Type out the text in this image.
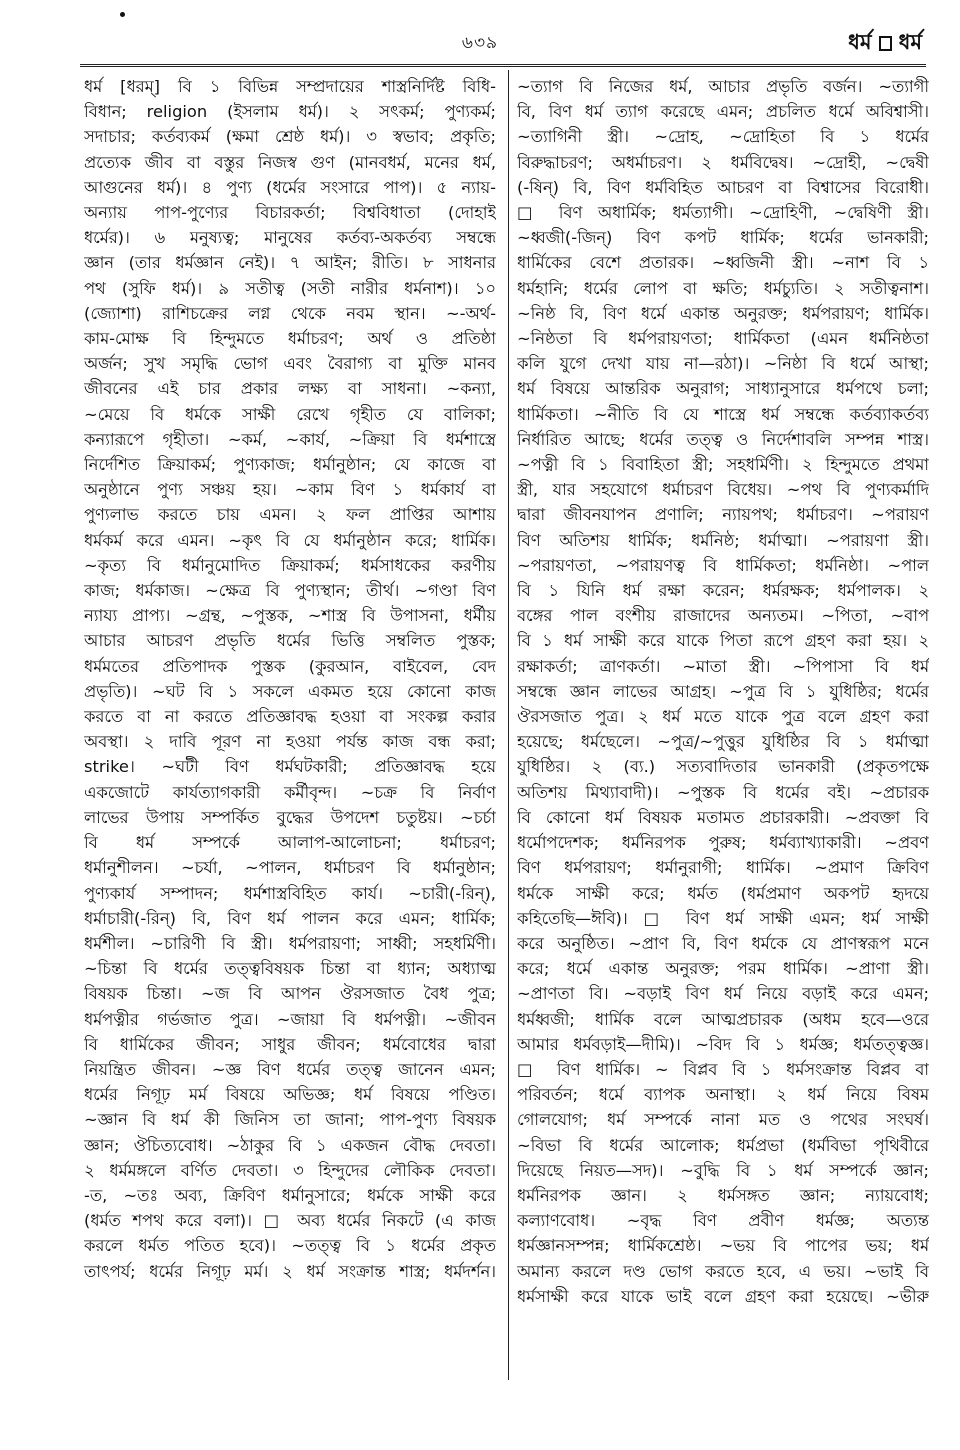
৬৩৯	ধর্ম ধর্ম
ধর্ম [ধরম্‌] বি ১ বিভিন্ন সম্প্রদায়ের শাস্ত্রনির্দিষ্ট বিধি-
বিধান; religion (ইসলাম ধর্ম)। ২ সৎকর্ম; পুণ্যকর্ম;
সদাচার; কর্তব্যকর্ম (ক্ষমা শ্রেষ্ঠ ধর্ম)। ৩ স্বভাব; প্রকৃতি;
প্রত্যেক জীব বা বস্তুর নিজস্ব গুণ (মানবধর্ম, মনের ধর্ম,
আগুনের ধর্ম)। ৪ পুণ্য (ধর্মের সংসারে পাপ)। ৫ ন্যায়-
অন্যায় পাপ-পুণ্যের বিচারকর্তা; বিশ্ববিধাতা (দোহাই
ধর্মের)। ৬ মনুষ্যত্ব; মানুষের কর্তব্য-অকর্তব্য সম্বন্ধে
জ্ঞান (তার ধর্মজ্ঞান নেই)। ৭ আইন; রীতি। ৮ সাধনার
পথ (সুফি ধর্ম)। ৯ সতীত্ব (সতী নারীর ধর্মনাশ)। ১০
(জ্যোশা) রাশিচক্রের লগ্ন থেকে নবম স্থান। ~-অর্থ-
কাম-মোক্ষ বি হিন্দুমতে ধর্মাচরণ; অর্থ ও প্রতিষ্ঠা
অর্জন; সুখ সমৃদ্ধি ভোগ এবং বৈরাগ্য বা মুক্তি মানব
জীবনের এই চার প্রকার লক্ষ্য বা সাধনা। ~কন্যা,
~মেয়ে বি ধর্মকে সাক্ষী রেখে গৃহীত যে বালিকা;
কন্যারূপে গৃহীতা। ~কর্ম, ~কার্য, ~ক্রিয়া বি ধর্মশাস্ত্রে
নির্দেশিত ক্রিয়াকর্ম; পুণ্যকাজ; ধর্মানুষ্ঠান; যে কাজে বা
অনুষ্ঠানে পুণ্য সঞ্চয় হয়। ~কাম বিণ ১ ধর্মকার্য বা
পুণ্যলাভ করতে চায় এমন। ২ ফল প্রাপ্তির আশায়
ধর্মকর্ম করে এমন। ~কৃৎ বি যে ধর্মানুষ্ঠান করে; ধার্মিক।
~কৃত্য বি ধর্মানুমোদিত ক্রিয়াকর্ম; ধর্মসাধকের করণীয়
কাজ; ধর্মকাজ। ~ক্ষেত্র বি পুণ্যস্থান; তীর্থ। ~গণ্ডা বিণ
ন্যায্য প্রাপ্য। ~গ্রন্থ, ~পুস্তক, ~শাস্ত্র বি উপাসনা, ধর্মীয়
আচার আচরণ প্রভৃতি ধর্মের ভিত্তি সম্বলিত পুস্তক;
ধর্মমতের প্রতিপাদক পুস্তক (কুরআন, বাইবেল, বেদ
প্রভৃতি)। ~ঘট বি ১ সকলে একমত হয়ে কোনো কাজ
করতে বা না করতে প্রতিজ্ঞাবদ্ধ হওয়া বা সংকল্প করার
অবস্থা। ২ দাবি পূরণ না হওয়া পর্যন্ত কাজ বন্ধ করা;
strike। ~ঘটী বিণ ধর্মঘটকারী; প্রতিজ্ঞাবদ্ধ হয়ে
একজোটে কার্যত্যাগকারী কর্মীবৃন্দ। ~চক্র বি নির্বাণ
লাভের উপায় সম্পর্কিত বুদ্ধের উপদেশ চতুষ্টয়। ~চর্চা
বি ধর্ম সম্পর্কে আলাপ-আলোচনা; ধর্মাচরণ;
ধর্মানুশীলন। ~চর্যা, ~পালন, ধর্মাচরণ বি ধর্মানুষ্ঠান;
পুণ্যকার্য সম্পাদন; ধর্মশাস্ত্রবিহিত কার্য। ~চারী(-রিন্‌),
ধর্মাচারী(-রিন্‌) বি, বিণ ধর্ম পালন করে এমন; ধার্মিক;
ধর্মশীল। ~চারিণী বি স্ত্রী। ধর্মপরায়ণা; সাধ্বী; সহধর্মিণী।
~চিন্তা বি ধর্মের তত্ত্ববিষয়ক চিন্তা বা ধ্যান; অধ্যাত্ম
বিষয়ক চিন্তা। ~জ বি আপন ঔরসজাত বৈধ পুত্র;
ধর্মপত্নীর গর্ভজাত পুত্র। ~জায়া বি ধর্মপত্নী। ~জীবন
বি ধার্মিকের জীবন; সাধুর জীবন; ধর্মবোধের দ্বারা
নিয়ন্ত্রিত জীবন। ~জ্ঞ বিণ ধর্মের তত্ত্ব জানেন এমন;
ধর্মের নিগূঢ় মর্ম বিষয়ে অভিজ্ঞ; ধর্ম বিষয়ে পণ্ডিত।
~জ্ঞান বি ধর্ম কী জিনিস তা জানা; পাপ-পুণ্য বিষয়ক
জ্ঞান; ঔচিত্যবোধ। ~ঠাকুর বি ১ একজন বৌদ্ধ দেবতা।
২ ধর্মমঙ্গলে বর্ণিত দেবতা। ৩ হিন্দুদের লৌকিক দেবতা।
-ত, ~তঃ অব্য, ক্রিবিণ ধর্মানুসারে; ধর্মকে সাক্ষী করে
(ধর্মত শপথ করে বলা)। □ অব্য ধর্মের নিকটে (এ কাজ
করলে ধর্মত পতিত হবে)। ~তত্ত্ব বি ১ ধর্মের প্রকৃত
তাৎপর্য; ধর্মের নিগূঢ় মর্ম। ২ ধর্ম সংক্রান্ত শাস্ত্র; ধর্মদর্শন।
~ত্যাগ বি নিজের ধর্ম, আচার প্রভৃতি বর্জন। ~ত্যাগী
বি, বিণ ধর্ম ত্যাগ করেছে এমন; প্রচলিত ধর্মে অবিশ্বাসী।
~ত্যাগিনী স্ত্রী। ~দ্রোহ, ~দ্রোহিতা বি ১ ধর্মের
বিরুদ্ধাচরণ; অধর্মাচরণ। ২ ধর্মবিদ্বেষ। ~দ্রোহী, ~দ্বেষী
(-ষিন্‌) বি, বিণ ধর্মবিহিত আচরণ বা বিশ্বাসের বিরোধী।
□ বিণ অধার্মিক; ধর্মত্যাগী। ~দ্রোহিণী, ~দ্বেষিণী স্ত্রী।
~ধ্বজী(-জিন্‌) বিণ কপট ধার্মিক; ধর্মের ভানকারী;
ধার্মিকের বেশে প্রতারক। ~ধ্বজিনী স্ত্রী। ~নাশ বি ১
ধর্মহানি; ধর্মের লোপ বা ক্ষতি; ধর্মচ্যুতি। ২ সতীত্বনাশ।
~নিষ্ঠ বি, বিণ ধর্মে একান্ত অনুরক্ত; ধর্মপরায়ণ; ধার্মিক।
~নিষ্ঠতা বি ধর্মপরায়ণতা; ধার্মিকতা (এমন ধর্মনিষ্ঠতা
কলি যুগে দেখা যায় না—রঠা)। ~নিষ্ঠা বি ধর্মে আস্থা;
ধর্ম বিষয়ে আন্তরিক অনুরাগ; সাধ্যানুসারে ধর্মপথে চলা;
ধার্মিকতা। ~নীতি বি যে শাস্ত্রে ধর্ম সম্বন্ধে কর্তব্যাকর্তব্য
নির্ধারিত আছে; ধর্মের তত্ত্ব ও নির্দেশাবলি সম্পন্ন শাস্ত্র।
~পত্নী বি ১ বিবাহিতা স্ত্রী; সহধর্মিণী। ২ হিন্দুমতে প্রথমা
স্ত্রী, যার সহযোগে ধর্মাচরণ বিধেয়। ~পথ বি পুণ্যকর্মাদি
দ্বারা জীবনযাপন প্রণালি; ন্যায়পথ; ধর্মাচরণ। ~পরায়ণ
বিণ অতিশয় ধার্মিক; ধর্মনিষ্ঠ; ধর্মাত্মা। ~পরায়ণা স্ত্রী।
~পরায়ণতা, ~পরায়ণত্ব বি ধার্মিকতা; ধর্মনিষ্ঠা। ~পাল
বি ১ যিনি ধর্ম রক্ষা করেন; ধর্মরক্ষক; ধর্মপালক। ২
বঙ্গের পাল বংশীয় রাজাদের অন্যতম। ~পিতা, ~বাপ
বি ১ ধর্ম সাক্ষী করে যাকে পিতা রূপে গ্রহণ করা হয়। ২
রক্ষাকর্তা; ত্রাণকর্তা। ~মাতা স্ত্রী। ~পিপাসা বি ধর্ম
সম্বন্ধে জ্ঞান লাভের আগ্রহ। ~পুত্র বি ১ যুধিষ্ঠির; ধর্মের
ঔরসজাত পুত্র। ২ ধর্ম মতে যাকে পুত্র বলে গ্রহণ করা
হয়েছে; ধর্মছেলে। ~পুত্র/~পুত্তুর যুধিষ্ঠির বি ১ ধর্মাত্মা
যুধিষ্ঠির। ২ (ব্য.) সত্যবাদিতার ভানকারী (প্রকৃতপক্ষে
অতিশয় মিথ্যাবাদী)। ~পুস্তক বি ধর্মের বই। ~প্রচারক
বি কোনো ধর্ম বিষয়ক মতামত প্রচারকারী। ~প্রবক্তা বি
ধর্মোপদেশক; ধর্মনিরপক পুরুষ; ধর্মব্যাখ্যাকারী। ~প্রবণ
বিণ ধর্মপরায়ণ; ধর্মানুরাগী; ধার্মিক। ~প্রমাণ ক্রিবিণ
ধর্মকে সাক্ষী করে; ধর্মত (ধর্মপ্রমাণ অকপট হৃদয়ে
কহিতেছি—ঈবি)। □ বিণ ধর্ম সাক্ষী এমন; ধর্ম সাক্ষী
করে অনুষ্ঠিত। ~প্রাণ বি, বিণ ধর্মকে যে প্রাণস্বরূপ মনে
করে; ধর্মে একান্ত অনুরক্ত; পরম ধার্মিক। ~প্রাণা স্ত্রী।
~প্রাণতা বি। ~বড়াই বিণ ধর্ম নিয়ে বড়াই করে এমন;
ধর্মধ্বজী; ধার্মিক বলে আত্মপ্রচারক (অধম হবে—ওরে
আমার ধর্মবড়াই—দীমি)। ~বিদ বি ১ ধর্মজ্ঞ; ধর্মতত্ত্বজ্ঞ।
□ বিণ ধার্মিক। ~ বিপ্লব বি ১ ধর্মসংক্রান্ত বিপ্লব বা
পরিবর্তন; ধর্মে ব্যাপক অনাস্থা। ২ ধর্ম নিয়ে বিষম
গোলযোগ; ধর্ম সম্পর্কে নানা মত ও পথের সংঘর্ষ।
~বিভা বি ধর্মের আলোক; ধর্মপ্রভা (ধর্মবিভা পৃথিবীরে
দিয়েছে নিয়ত—সদ)। ~বুদ্ধি বি ১ ধর্ম সম্পর্কে জ্ঞান;
ধর্মনিরপক জ্ঞান। ২ ধর্মসঙ্গত জ্ঞান; ন্যায়বোধ;
কল্যাণবোধ। ~বৃদ্ধ বিণ প্রবীণ ধর্মজ্ঞ; অত্যন্ত
ধর্মজ্ঞানসম্পন্ন; ধার্মিকশ্রেষ্ঠ। ~ভয় বি পাপের ভয়; ধর্ম
অমান্য করলে দণ্ড ভোগ করতে হবে, এ ভয়। ~ভাই বি
ধর্মসাক্ষী করে যাকে ভাই বলে গ্রহণ করা হয়েছে। ~ভীরু
